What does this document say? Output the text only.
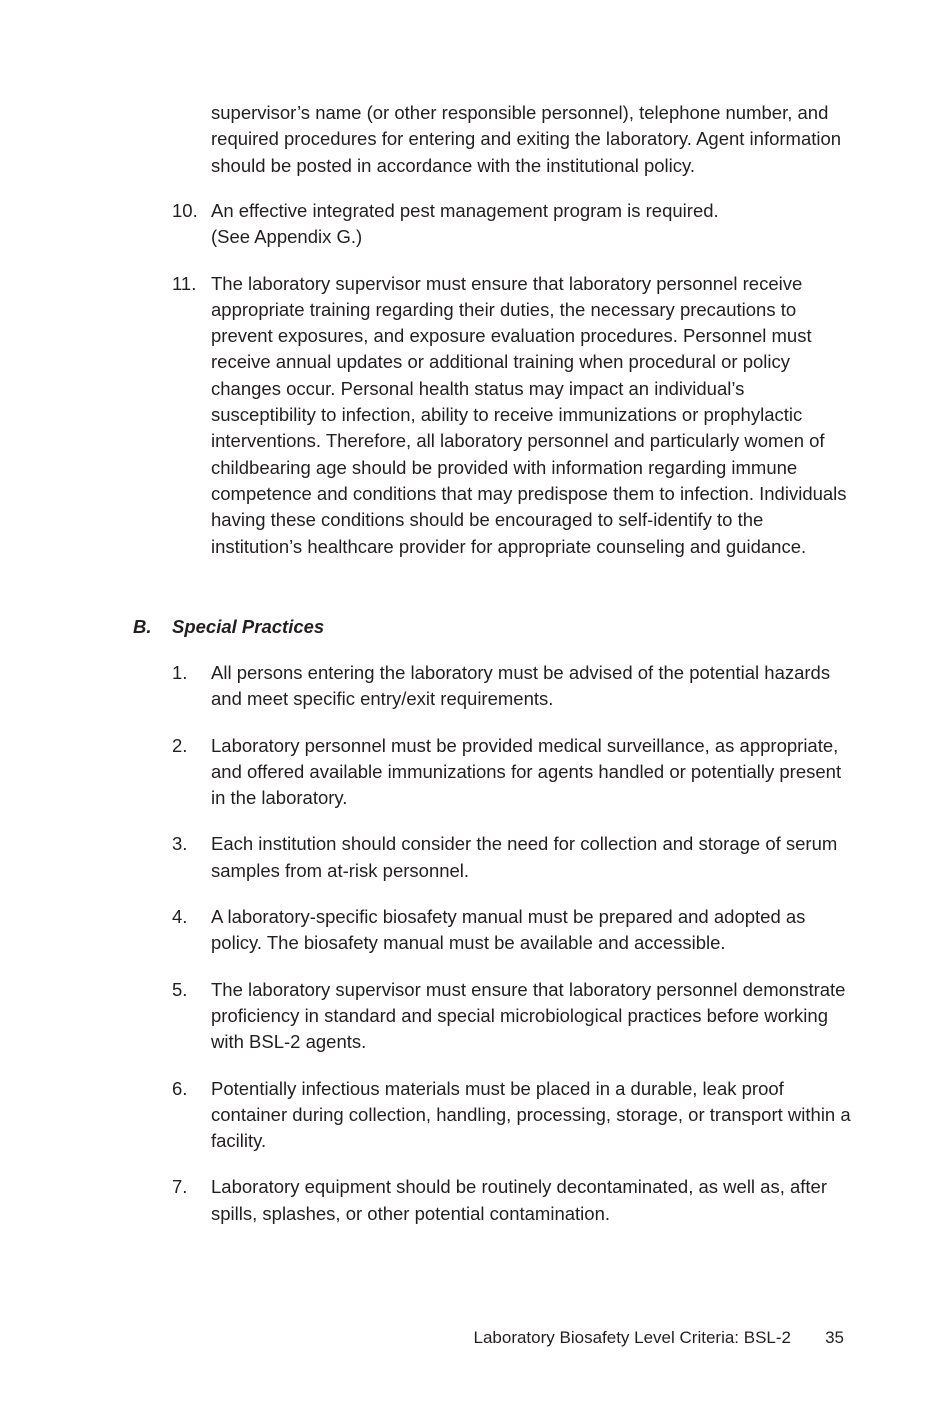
supervisor’s name (or other responsible personnel), telephone number, and required procedures for entering and exiting the laboratory. Agent information should be posted in accordance with the institutional policy.

10. An effective integrated pest management program is required.
(See Appendix G.)
11. The laboratory supervisor must ensure that laboratory personnel receive appropriate training regarding their duties, the necessary precautions to prevent exposures, and exposure evaluation procedures. Personnel must receive annual updates or additional training when procedural or policy changes occur. Personal health status may impact an individual’s susceptibility to infection, ability to receive immunizations or prophylactic interventions. Therefore, all laboratory personnel and particularly women of childbearing age should be provided with information regarding immune competence and conditions that may predispose them to infection. Individuals having these conditions should be encouraged to self-identify to the institution’s healthcare provider for appropriate counseling and guidance.
B. Special Practices
1.	All persons entering the laboratory must be advised of the potential hazards and meet specific entry/exit requirements.
2.	Laboratory personnel must be provided medical surveillance, as appropriate, and offered available immunizations for agents handled or potentially present in the laboratory.
3.	Each institution should consider the need for collection and storage of serum samples from at-risk personnel.
4.	A laboratory-specific biosafety manual must be prepared and adopted as policy. The biosafety manual must be available and accessible.
5.	The laboratory supervisor must ensure that laboratory personnel demonstrate proficiency in standard and special microbiological practices before working with BSL-2 agents.
6.	Potentially infectious materials must be placed in a durable, leak proof container during collection, handling, processing, storage, or transport within a facility.
7.	Laboratory equipment should be routinely decontaminated, as well as, after spills, splashes, or other potential contamination.
Laboratory Biosafety Level Criteria: BSL-2 35
